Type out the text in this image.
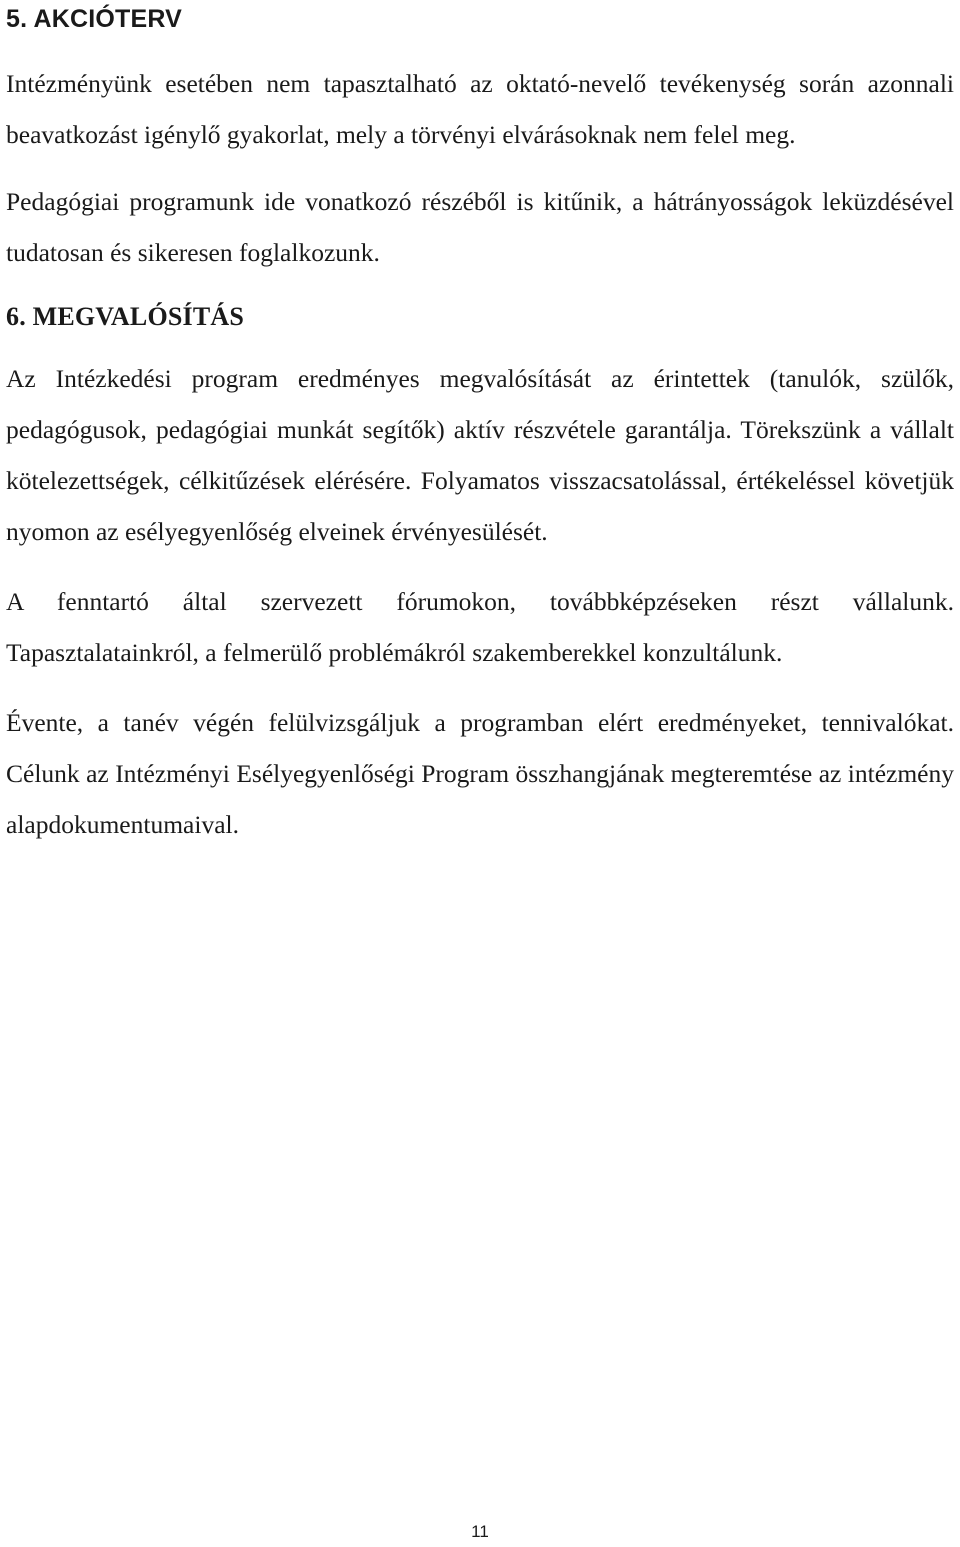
5. AKCIÓTERV

Intézményünk esetében nem tapasztalható az oktató-nevelő tevékenység során azonnali beavatkozást igénylő gyakorlat, mely a törvényi elvárásoknak nem felel meg.

Pedagógiai programunk ide vonatkozó részéből is kitűnik, a hátrányosságok leküzdésével tudatosan és sikeresen foglalkozunk.

6. MEGVALÓSÍTÁS

Az Intézkedési program eredményes megvalósítását az érintettek (tanulók, szülők, pedagógusok, pedagógiai munkát segítők) aktív részvétele garantálja. Törekszünk a vállalt kötelezettségek, célkitűzések elérésére. Folyamatos visszacsatolással, értékeléssel követjük nyomon az esélyegyenlőség elveinek érvényesülését.

A fenntartó által szervezett fórumokon, továbbképzéseken részt vállalunk. Tapasztalatainkról, a felmerülő problémákról szakemberekkel konzultálunk.

Évente, a tanév végén felülvizsgáljuk a programban elért eredményeket, tennivalókat. Célunk az Intézményi Esélyegyenlőségi Program összhangjának megteremtése az intézmény alapdokumentumaival.

11
